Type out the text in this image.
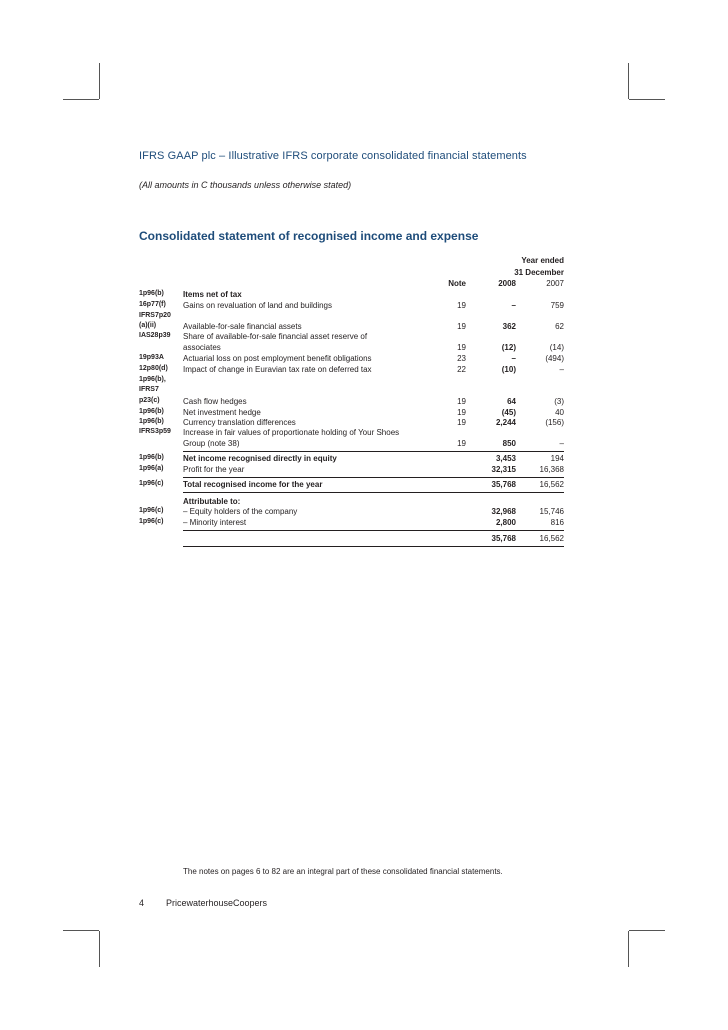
IFRS GAAP plc – Illustrative IFRS corporate consolidated financial statements
(All amounts in C thousands unless otherwise stated)
Consolidated statement of recognised income and expense
Year ended
31 December
Note	2008	2007
1p96(b) Items net of tax
16p77(f) Gains on revaluation of land and buildings	19	–	759
IFRS7p20
(a)(ii)	Available-for-sale financial assets	19	362	62
IAS28p39 Share of available-for-sale financial asset reserve of
associates	19	(12)	(14)
19p93A Actuarial loss on post employment benefit obligations	23	–	(494)
12p80(d) Impact of change in Euravian tax rate on deferred tax	22	(10)	–
1p96(b),
IFRS7
p23(c)	Cash flow hedges	19	64	(3)
1p96(b) Net investment hedge	19	(45)	40
1p96(b) Currency translation differences	19	2,244	(156)
IFRS3p59 Increase in fair values of proportionate holding of Your Shoes
Group (note 38)	19	850	–
1p96(b) Net income recognised directly in equity	3,453	194
1p96(a) Profit for the year	32,315	16,368
1p96(c) Total recognised income for the year	35,768	16,562
Attributable to:
1p96(c) – Equity holders of the company	32,968	15,746
1p96(c) – Minority interest	2,800	816
35,768	16,562
The notes on pages 6 to 82 are an integral part of these consolidated financial statements.
4 PricewaterhouseCoopers
